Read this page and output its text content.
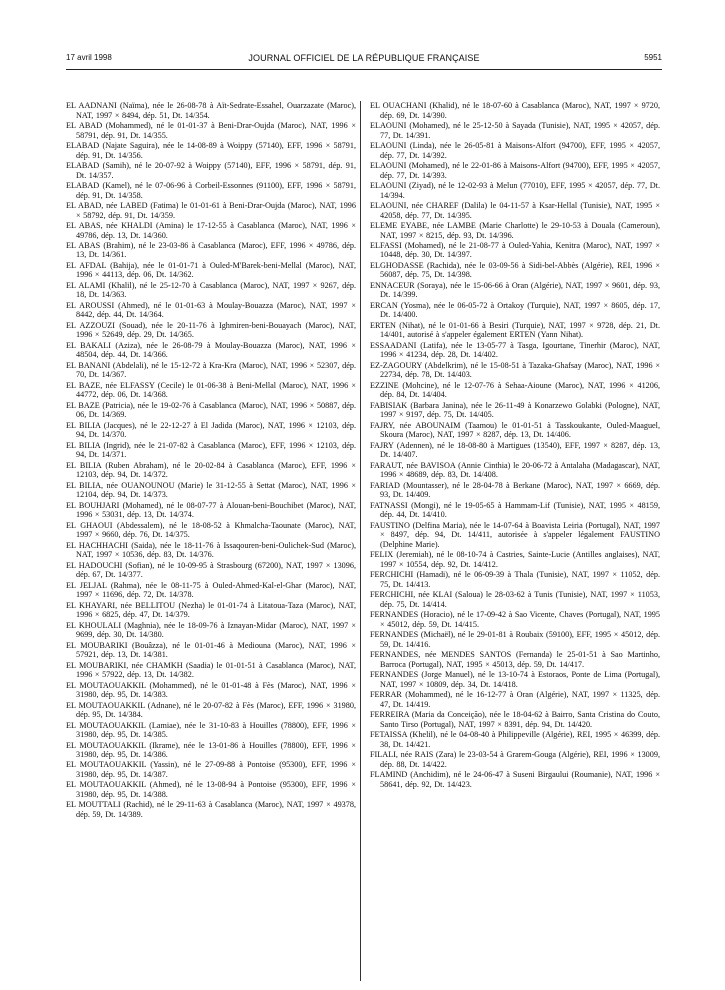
17 avril 1998	JOURNAL OFFICIEL DE LA RÉPUBLIQUE FRANÇAISE	5951

EL AADNANI (Naïma), née le 26-08-78 à Aït-Sedrate-Essahel, Ouarzazate (Maroc), NAT, 1997 × 8494, dép. 51, Dt. 14/354.

EL ABAD (Mohammed), né le 01-01-37 à Beni-Drar-Oujda (Maroc), NAT, 1996 × 58791, dép. 91, Dt. 14/355.

ELABAD (Najate Saguira), née le 14-08-89 à Woippy (57140), EFF, 1996 × 58791, dép. 91, Dt. 14/356.

ELABAD (Samih), né le 20-07-92 à Woippy (57140), EFF, 1996 × 58791, dép. 91, Dt. 14/357.

ELABAD (Kamel), né le 07-06-96 à Corbeil-Essonnes (91100), EFF, 1996 × 58791, dép. 91, Dt. 14/358.

EL ABAD, née LABED (Fatima) le 01-01-61 à Beni-Drar-Oujda (Maroc), NAT, 1996 × 58792, dép. 91, Dt. 14/359.

EL ABAS, née KHALDI (Amina) le 17-12-55 à Casablanca (Maroc), NAT, 1996 × 49786, dép. 13, Dt. 14/360.

EL ABAS (Brahim), né le 23-03-86 à Casablanca (Maroc), EFF, 1996 × 49786, dép. 13, Dt. 14/361.

EL AFDAL (Bahija), née le 01-01-71 à Ouled-M'Barek-beni-Mellal (Maroc), NAT, 1996 × 44113, dép. 06, Dt. 14/362.

EL ALAMI (Khalil), né le 25-12-70 à Casablanca (Maroc), NAT, 1997 × 9267, dép. 18, Dt. 14/363.

EL AROUSSI (Ahmed), né le 01-01-63 à Moulay-Bouazza (Maroc), NAT, 1997 × 8442, dép. 44, Dt. 14/364.

EL AZZOUZI (Souad), née le 20-11-76 à Ighmiren-beni-Bouayach (Maroc), NAT, 1996 × 52649, dép. 29, Dt. 14/365.

EL BAKALI (Aziza), née le 26-08-79 à Moulay-Bouazza (Maroc), NAT, 1996 × 48504, dép. 44, Dt. 14/366.

EL BANANI (Abdelali), né le 15-12-72 à Kra-Kra (Maroc), NAT, 1996 × 52307, dép. 70, Dt. 14/367.

EL BAZE, née ELFASSY (Cecile) le 01-06-38 à Beni-Mellal (Maroc), NAT, 1996 × 44772, dép. 06, Dt. 14/368.

EL BAZE (Patricia), née le 19-02-76 à Casablanca (Maroc), NAT, 1996 × 50887, dép. 06, Dt. 14/369.

EL BILIA (Jacques), né le 22-12-27 à El Jadida (Maroc), NAT, 1996 × 12103, dép. 94, Dt. 14/370.

EL BILIA (Ingrid), née le 21-07-82 à Casablanca (Maroc), EFF, 1996 × 12103, dép. 94, Dt. 14/371.

EL BILIA (Ruben Abraham), né le 20-02-84 à Casablanca (Maroc), EFF, 1996 × 12103, dép. 94, Dt. 14/372.

EL BILIA, née OUANOUNOU (Marie) le 31-12-55 à Settat (Maroc), NAT, 1996 × 12104, dép. 94, Dt. 14/373.

EL BOUHJARI (Mohamed), né le 08-07-77 à Alouan-beni-Bouchibet (Maroc), NAT, 1996 × 53031, dép. 13, Dt. 14/374.

EL GHAOUI (Abdessalem), né le 18-08-52 à Khmalcha-Taounate (Maroc), NAT, 1997 × 9660, dép. 76, Dt. 14/375.

EL HACHHACHI (Saida), née le 18-11-76 à Issaqouren-beni-Oulichek-Sud (Maroc), NAT, 1997 × 10536, dép. 83, Dt. 14/376.

EL HADOUCHI (Sofian), né le 10-09-95 à Strasbourg (67200), NAT, 1997 × 13096, dép. 67, Dt. 14/377.

EL JELJAL (Rahma), née le 08-11-75 à Ouled-Ahmed-Kal-el-Ghar (Maroc), NAT, 1997 × 11696, dép. 72, Dt. 14/378.

EL KHAYARI, née BELLITOU (Nezha) le 01-01-74 à Litatoua-Taza (Maroc), NAT, 1996 × 6825, dép. 47, Dt. 14/379.

EL KHOULALI (Maghnia), née le 18-09-76 à Iznayan-Midar (Maroc), NAT, 1997 × 9699, dép. 30, Dt. 14/380.

EL MOUBARIKI (Bouâzza), né le 01-01-46 à Mediouna (Maroc), NAT, 1996 × 57921, dép. 13, Dt. 14/381.

EL MOUBARIKI, née CHAMKH (Saadia) le 01-01-51 à Casablanca (Maroc), NAT, 1996 × 57922, dép. 13, Dt. 14/382.

EL MOUTAOUAKKIL (Mohammed), né le 01-01-48 à Fès (Maroc), NAT, 1996 × 31980, dép. 95, Dt. 14/383.

EL MOUTAOUAKKIL (Adnane), né le 20-07-82 à Fès (Maroc), EFF, 1996 × 31980, dép. 95, Dt. 14/384.

EL MOUTAOUAKKIL (Lamiae), née le 31-10-83 à Houilles (78800), EFF, 1996 × 31980, dép. 95, Dt. 14/385.

EL MOUTAOUAKKIL (Ikrame), née le 13-01-86 à Houilles (78800), EFF, 1996 × 31980, dép. 95, Dt. 14/386.

EL MOUTAOUAKKIL (Yassin), né le 27-09-88 à Pontoise (95300), EFF, 1996 × 31980, dép. 95, Dt. 14/387.

EL MOUTAOUAKKIL (Ahmed), né le 13-08-94 à Pontoise (95300), EFF, 1996 × 31980, dép. 95, Dt. 14/388.

EL MOUTTALI (Rachid), né le 29-11-63 à Casablanca (Maroc), NAT, 1997 × 49378, dép. 59, Dt. 14/389.

EL OUACHANI (Khalid), né le 18-07-60 à Casablanca (Maroc), NAT, 1997 × 9720, dép. 69, Dt. 14/390.

ELAOUNI (Mohamed), né le 25-12-50 à Sayada (Tunisie), NAT, 1995 × 42057, dép. 77, Dt. 14/391.

ELAOUNI (Linda), née le 26-05-81 à Maisons-Alfort (94700), EFF, 1995 × 42057, dép. 77, Dt. 14/392.

ELAOUNI (Mohamed), né le 22-01-86 à Maisons-Alfort (94700), EFF, 1995 × 42057, dép. 77, Dt. 14/393.

ELAOUNI (Ziyad), né le 12-02-93 à Melun (77010), EFF, 1995 × 42057, dép. 77, Dt. 14/394.

ELAOUNI, née CHAREF (Dalila) le 04-11-57 à Ksar-Hellal (Tunisie), NAT, 1995 × 42058, dép. 77, Dt. 14/395.

ELEME EYABE, née LAMBE (Marie Charlotte) le 29-10-53 à Douala (Cameroun), NAT, 1997 × 8215, dép. 93, Dt. 14/396.

ELFASSI (Mohamed), né le 21-08-77 à Ouled-Yahia, Kenitra (Maroc), NAT, 1997 × 10448, dép. 30, Dt. 14/397.

ELGHODASSE (Rachida), née le 03-09-56 à Sidi-bel-Abbès (Algérie), REI, 1996 × 56087, dép. 75, Dt. 14/398.

ENNACEUR (Soraya), née le 15-06-66 à Oran (Algérie), NAT, 1997 × 9601, dép. 93, Dt. 14/399.

ERCAN (Yosma), née le 06-05-72 à Ortakoy (Turquie), NAT, 1997 × 8605, dép. 17, Dt. 14/400.

ERTEN (Nihat), né le 01-01-66 à Besiri (Turquie), NAT, 1997 × 9728, dép. 21, Dt. 14/401, autorisé à s'appeler également ERTEN (Yann Nihat).

ESSAADANI (Latifa), née le 13-05-77 à Tasga, Igourtane, Tinerhir (Maroc), NAT, 1996 × 41234, dép. 28, Dt. 14/402.

EZ-ZAGOURY (Abdelkrim), né le 15-08-51 à Tazaka-Ghafsay (Maroc), NAT, 1996 × 22734, dép. 78, Dt. 14/403.

EZZINE (Mohcine), né le 12-07-76 à Sehaa-Aioune (Maroc), NAT, 1996 × 41206, dép. 84, Dt. 14/404.

FABISIAK (Barbara Janina), née le 26-11-49 à Konarzewo Golabki (Pologne), NAT, 1997 × 9197, dép. 75, Dt. 14/405.

FAJRY, née ABOUNAIM (Taamou) le 01-01-51 à Tasskoukante, Ouled-Maaguel, Skoura (Maroc), NAT, 1997 × 8287, dép. 13, Dt. 14/406.

FAJRY (Adennen), né le 18-08-80 à Martigues (13540), EFF, 1997 × 8287, dép. 13, Dt. 14/407.

FARAUT, née BAVISOA (Annie Cinthia) le 20-06-72 à Antalaha (Madagascar), NAT, 1996 × 48689, dép. 83, Dt. 14/408.

FARIAD (Mountasser), né le 28-04-78 à Berkane (Maroc), NAT, 1997 × 6669, dép. 93, Dt. 14/409.

FATNASSI (Mongi), né le 19-05-65 à Hammam-Lif (Tunisie), NAT, 1995 × 48159, dép. 44, Dt. 14/410.

FAUSTINO (Delfina Maria), née le 14-07-64 à Boavista Leiria (Portugal), NAT, 1997 × 8497, dép. 94, Dt. 14/411, autorisée à s'appeler légalement FAUSTINO (Delphine Marie).

FELIX (Jeremiah), né le 08-10-74 à Castries, Sainte-Lucie (Antilles anglaises), NAT, 1997 × 10554, dép. 92, Dt. 14/412.

FERCHICHI (Hamadi), né le 06-09-39 à Thala (Tunisie), NAT, 1997 × 11052, dép. 75, Dt. 14/413.

FERCHICHI, née KLAI (Saloua) le 28-03-62 à Tunis (Tunisie), NAT, 1997 × 11053, dép. 75, Dt. 14/414.

FERNANDES (Horacio), né le 17-09-42 à Sao Vicente, Chaves (Portugal), NAT, 1995 × 45012, dép. 59, Dt. 14/415.

FERNANDES (Michaël), né le 29-01-81 à Roubaix (59100), EFF, 1995 × 45012, dép. 59, Dt. 14/416.

FERNANDES, née MENDES SANTOS (Fernanda) le 25-01-51 à Sao Martinho, Barroca (Portugal), NAT, 1995 × 45013, dép. 59, Dt. 14/417.

FERNANDES (Jorge Manuel), né le 13-10-74 à Estoraos, Ponte de Lima (Portugal), NAT, 1997 × 10809, dép. 34, Dt. 14/418.

FERRAR (Mohammed), né le 16-12-77 à Oran (Algérie), NAT, 1997 × 11325, dép. 47, Dt. 14/419.

FERREIRA (Maria da Conceição), née le 18-04-62 à Bairro, Santa Cristina do Couto, Santo Tirso (Portugal), NAT, 1997 × 8391, dép. 94, Dt. 14/420.

FETAISSA (Khelil), né le 04-08-40 à Philippeville (Algérie), REI, 1995 × 46399, dép. 38, Dt. 14/421.

FILALI, née RAIS (Zara) le 23-03-54 à Grarem-Gouga (Algérie), REI, 1996 × 13009, dép. 88, Dt. 14/422.

FLAMIND (Anchidim), né le 24-06-47 à Suseni Birgaului (Roumanie), NAT, 1996 × 58641, dép. 92, Dt. 14/423.
